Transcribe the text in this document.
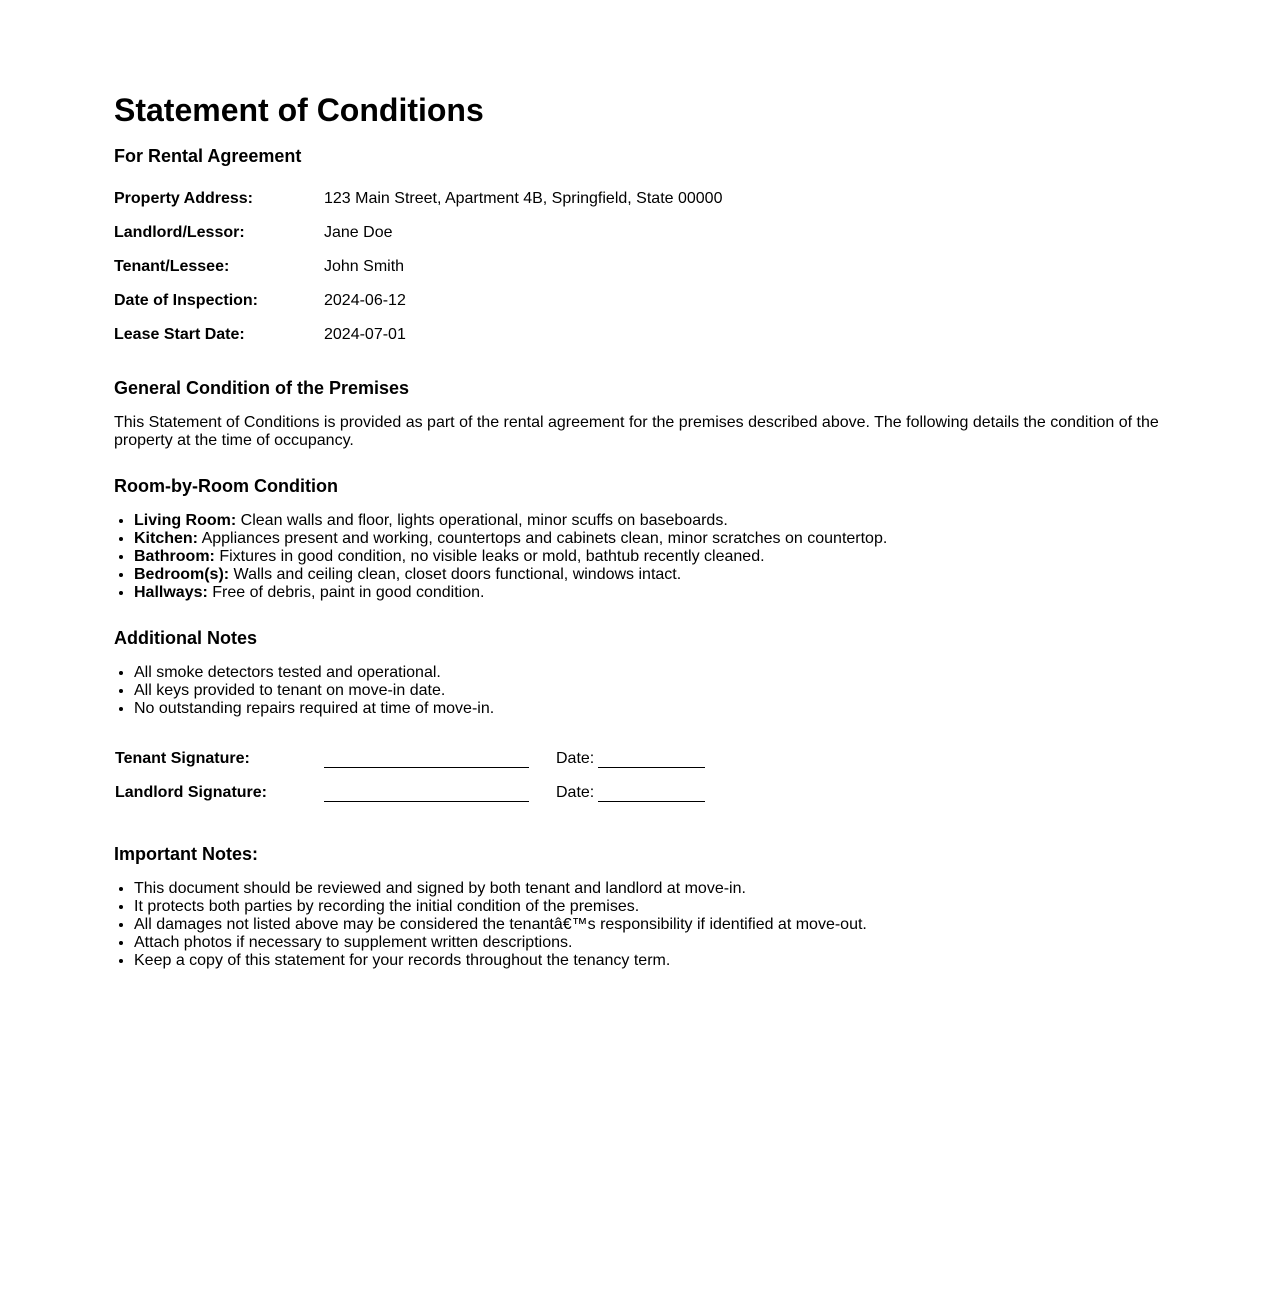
Statement of Conditions
For Rental Agreement
Property Address:	123 Main Street, Apartment 4B, Springfield, State 00000
Landlord/Lessor:	Jane Doe
Tenant/Lessee:	John Smith
Date of Inspection:	2024-06-12
Lease Start Date:	2024-07-01
General Condition of the Premises

This Statement of Conditions is provided as part of the rental agreement for the premises described above. The following details the condition of the property at the time of occupancy.

Room-by-Room Condition
• Living Room: Clean walls and floor, lights operational, minor scuffs on baseboards.
• Kitchen: Appliances present and working, countertops and cabinets clean, minor scratches on countertop.
• Bathroom: Fixtures in good condition, no visible leaks or mold, bathtub recently cleaned.
• Bedroom(s): Walls and ceiling clean, closet doors functional, windows intact.
• Hallways: Free of debris, paint in good condition.
Additional Notes
• All smoke detectors tested and operational.
• All keys provided to tenant on move-in date.
• No outstanding repairs required at time of move-in.
Tenant Signature:	Date:
Landlord Signature:	Date:
Important Notes:
• This document should be reviewed and signed by both tenant and landlord at move-in.
• It protects both parties by recording the initial condition of the premises.
• All damages not listed above may be considered the tenantâ€™s responsibility if identified at move-out.
• Attach photos if necessary to supplement written descriptions.
• Keep a copy of this statement for your records throughout the tenancy term.
